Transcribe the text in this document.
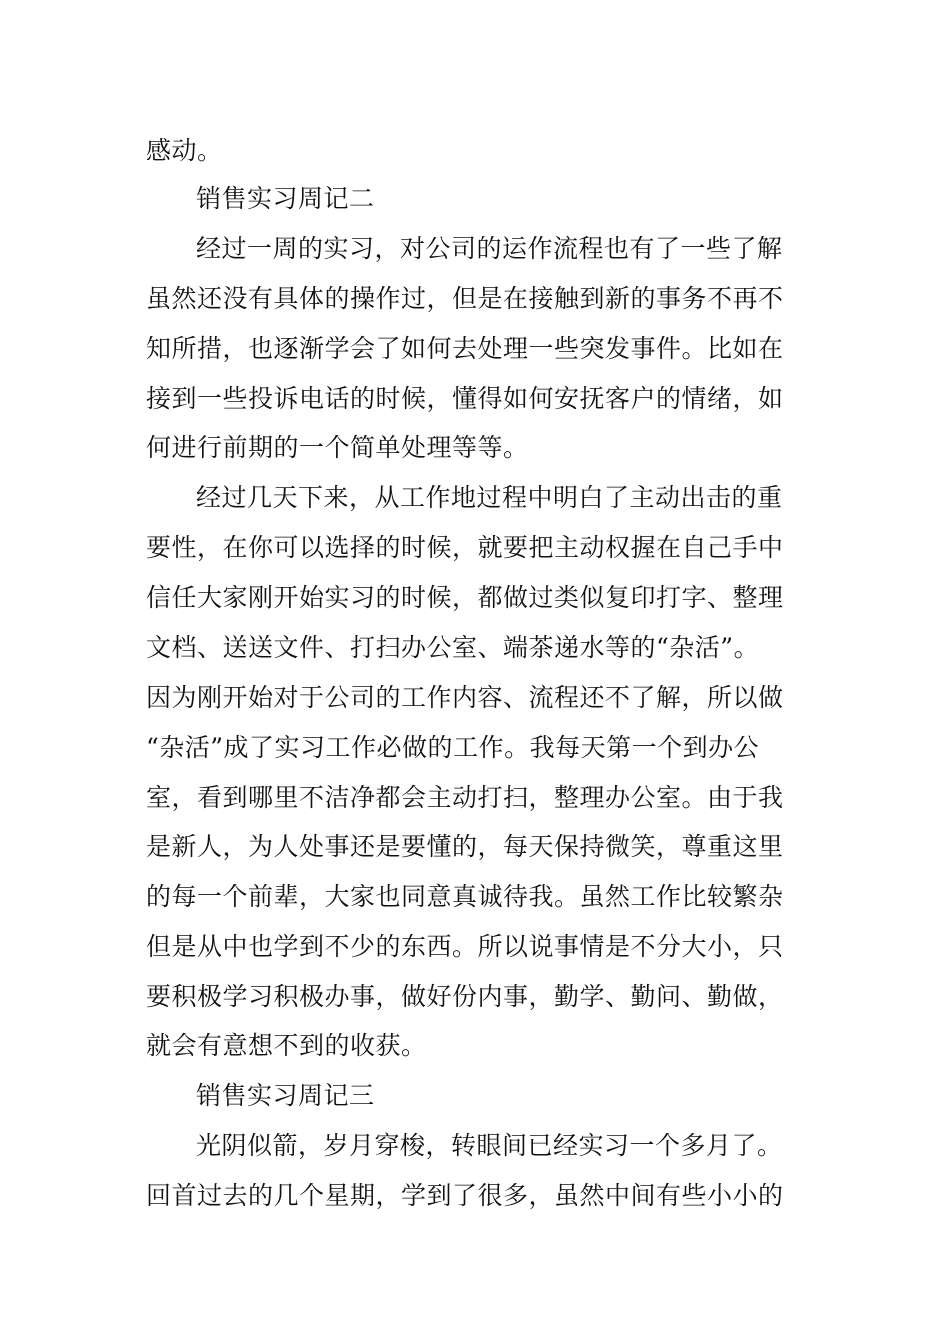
感动。
销售实习周记二
经过一周的实习，对公司的运作流程也有了一些了解
虽然还没有具体的操作过，但是在接触到新的事务不再不
知所措，也逐渐学会了如何去处理一些突发事件。比如在
接到一些投诉电话的时候，懂得如何安抚客户的情绪，如
何进行前期的一个简单处理等等。
经过几天下来，从工作地过程中明白了主动出击的重
要性，在你可以选择的时候，就要把主动权握在自己手中
信任大家刚开始实习的时候，都做过类似复印打字、整理
文档、送送文件、打扫办公室、端茶递水等的“杂活”。
因为刚开始对于公司的工作内容、流程还不了解，所以做
“杂活”成了实习工作必做的工作。我每天第一个到办公
室，看到哪里不洁净都会主动打扫，整理办公室。由于我
是新人，为人处事还是要懂的，每天保持微笑，尊重这里
的每一个前辈，大家也同意真诚待我。虽然工作比较繁杂
但是从中也学到不少的东西。所以说事情是不分大小，只
要积极学习积极办事，做好份内事，勤学、勤问、勤做，
就会有意想不到的收获。
销售实习周记三
光阴似箭，岁月穿梭，转眼间已经实习一个多月了。
回首过去的几个星期，学到了很多，虽然中间有些小小的
